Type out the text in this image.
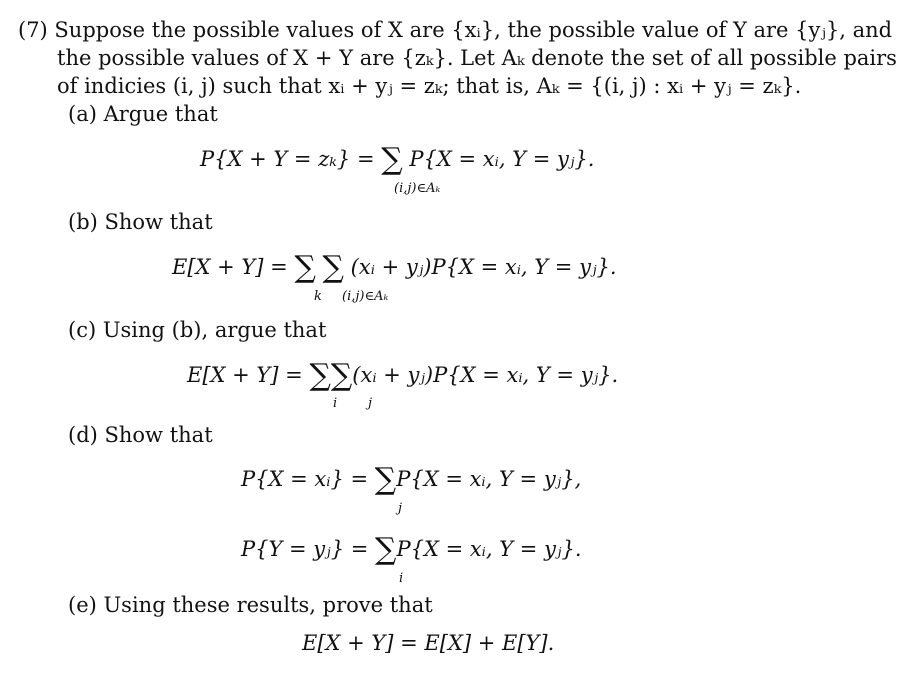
(7) Suppose the possible values of X are {xᵢ}, the possible value of Y are {yⱼ}, and
the possible values of X + Y are {zₖ}. Let Aₖ denote the set of all possible pairs
of indicies (i, j) such that xᵢ + yⱼ = zₖ; that is, Aₖ = {(i, j) : xᵢ + yⱼ = zₖ}.
(a) Argue that
P{X + Y = zₖ} = ∑ P{X = xᵢ, Y = yⱼ}.
(i,j)∈Aₖ
(b) Show that
E[X + Y] = ∑ ∑ (xᵢ + yⱼ)P{X = xᵢ, Y = yⱼ}.
k (i,j)∈Aₖ
(c) Using (b), argue that
E[X + Y] = ∑∑(xᵢ + yⱼ)P{X = xᵢ, Y = yⱼ}.
i j
(d) Show that
P{X = xᵢ} = ∑P{X = xᵢ, Y = yⱼ},
j
P{Y = yⱼ} = ∑P{X = xᵢ, Y = yⱼ}.
i
(e) Using these results, prove that
E[X + Y] = E[X] + E[Y].
